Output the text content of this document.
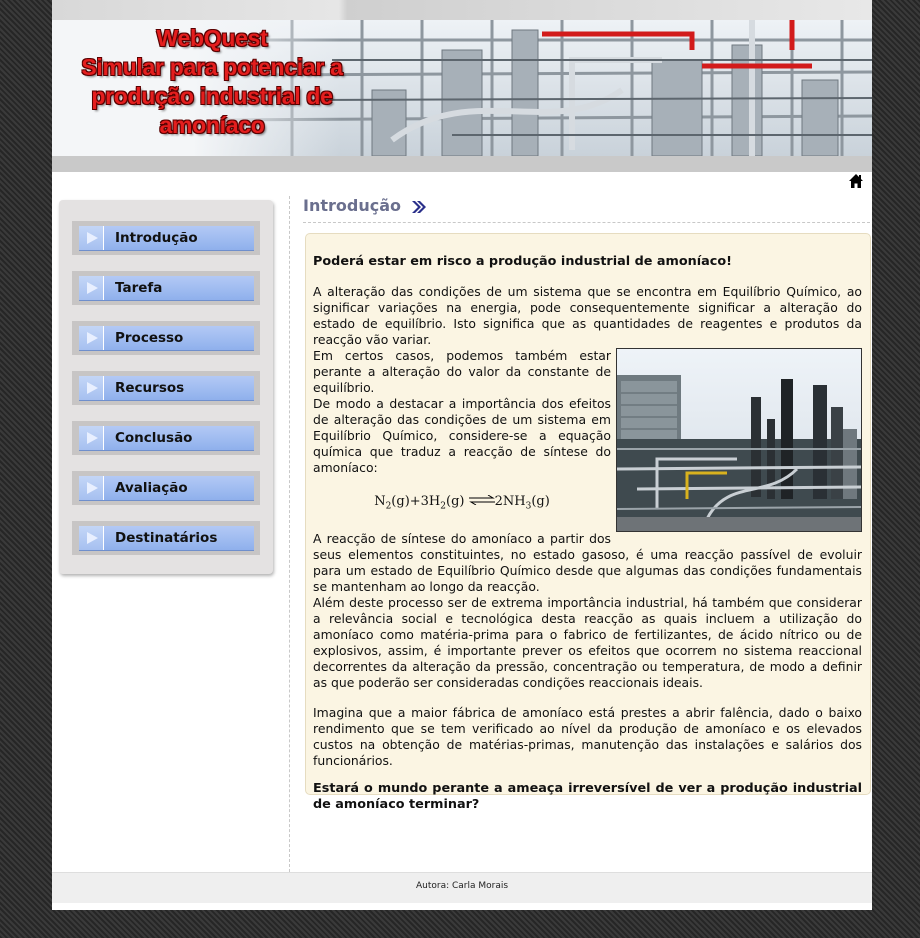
WebQuest
Simular para potenciar a
produção industrial de
amoníaco
Introdução
Tarefa
Processo
Recursos
Conclusão
Avaliação
Destinatários
Introdução

Poderá estar em risco a produção industrial de amoníaco!

A alteração das condições de um sistema que se encontra em Equilíbrio Químico, ao significar variações na energia, pode consequentemente significar a alteração do estado de equilíbrio. Isto significa que as quantidades de reagentes e produtos da reacção vão variar.

Em certos casos, podemos também estar perante a alteração do valor da constante de equilíbrio.

De modo a destacar a importância dos efeitos de alteração das condições de um sistema em Equilíbrio Químico, considere-se a equação química que traduz a reacção de síntese do amoníaco:

$N_2(g)+3H_2(g)$ $\rightleftharpoons 2NH_3(g)$

A reacção de síntese do amoníaco a partir dos seus elementos constituintes, no estado gasoso, é uma reacção passível de evoluir para um estado de Equilíbrio Químico desde que algumas das condições fundamentais se mantenham ao longo da reacção.

Além deste processo ser de extrema importância industrial, há também que considerar a relevância social e tecnológica desta reacção as quais incluem a utilização do amoníaco como matéria-prima para o fabrico de fertilizantes, de ácido nítrico ou de explosivos, assim, é importante prever os efeitos que ocorrem no sistema reaccional decorrentes da alteração da pressão, concentração ou temperatura, de modo a definir as que poderão ser consideradas condições reaccionais ideais.

Imagina que a maior fábrica de amoníaco está prestes a abrir falência, dado o baixo rendimento que se tem verificado ao nível da produção de amoníaco e os elevados custos na obtenção de matérias-primas, manutenção das instalações e salários dos funcionários.

Estará o mundo perante a ameaça irreversível de ver a produção industrial de amoníaco terminar?

Autora: Carla Morais
